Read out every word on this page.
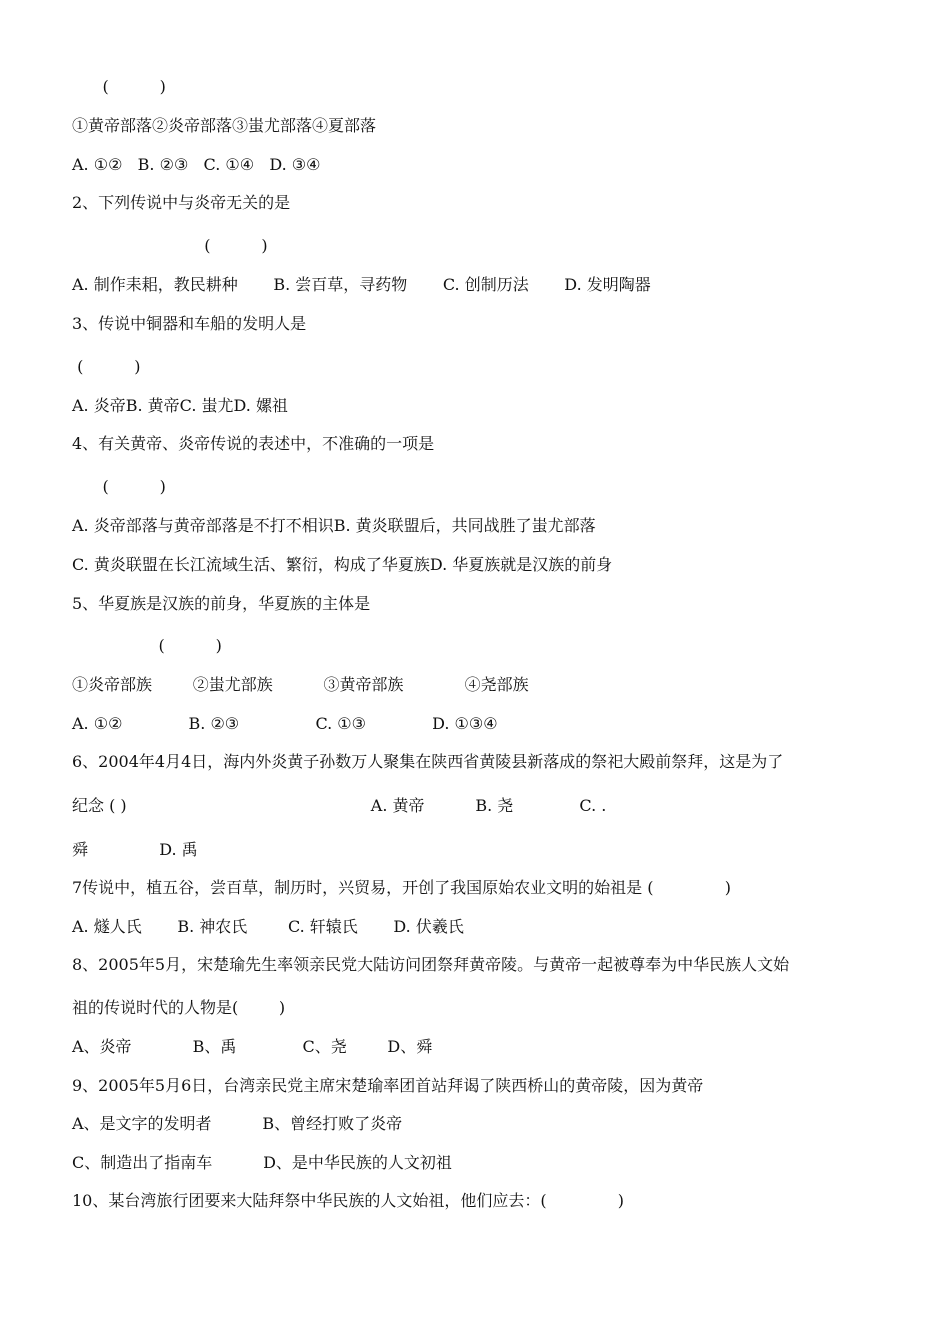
(          )
①黄帝部落②炎帝部落③蚩尤部落④夏部落
A. ①②   B. ②③   C. ①④   D. ③④
2、下列传说中与炎帝无关的是
(          )
A. 制作耒耜，教民耕种       B. 尝百草，寻药物       C. 创制历法       D. 发明陶器
3、传说中铜器和车船的发明人是
(          )
A. 炎帝B. 黄帝C. 蚩尤D. 嫘祖
4、有关黄帝、炎帝传说的表述中，不准确的一项是
(          )
A. 炎帝部落与黄帝部落是不打不相识B. 黄炎联盟后，共同战胜了蚩尤部落
C. 黄炎联盟在长江流域生活、繁衍，构成了华夏族D. 华夏族就是汉族的前身
5、华夏族是汉族的前身，华夏族的主体是
(          )
①炎帝部族        ②蚩尤部族          ③黄帝部族            ④尧部族
A. ①②             B. ②③               C. ①③             D. ①③④
6、2004年4月4日，海内外炎黄子孙数万人聚集在陕西省黄陵县新落成的祭祀大殿前祭拜，这是为了
纪念 ( )                                                A. 黄帝          B. 尧             C. .
舜              D. 禹
7传说中，植五谷，尝百草，制历时，兴贸易，开创了我国原始农业文明的始祖是 (              )
A. 燧人氏       B. 神农氏        C. 轩辕氏       D. 伏羲氏
8、2005年5月，宋楚瑜先生率领亲民党大陆访问团祭拜黄帝陵。与黄帝一起被尊奉为中华民族人文始
祖的传说时代的人物是(        )
A、炎帝            B、禹             C、尧        D、舜
9、2005年5月6日，台湾亲民党主席宋楚瑜率团首站拜谒了陕西桥山的黄帝陵，因为黄帝
A、是文字的发明者          B、曾经打败了炎帝
C、制造出了指南车          D、是中华民族的人文初祖
10、某台湾旅行团要来大陆拜祭中华民族的人文始祖，他们应去：(              )
